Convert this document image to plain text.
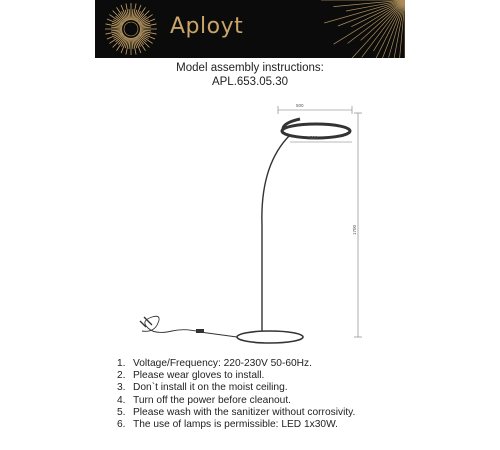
Aployt
Model assembly instructions:
APL.653.05.30
500
300
1700
1. Voltage/Frequency: 220-230V 50-60Hz.
2. Please wear gloves to install.
3. Don`t install it on the moist ceiling.
4. Turn off the power before cleanout.
5. Please wash with the sanitizer without corrosivity.
6. The use of lamps is permissible: LED 1x30W.
